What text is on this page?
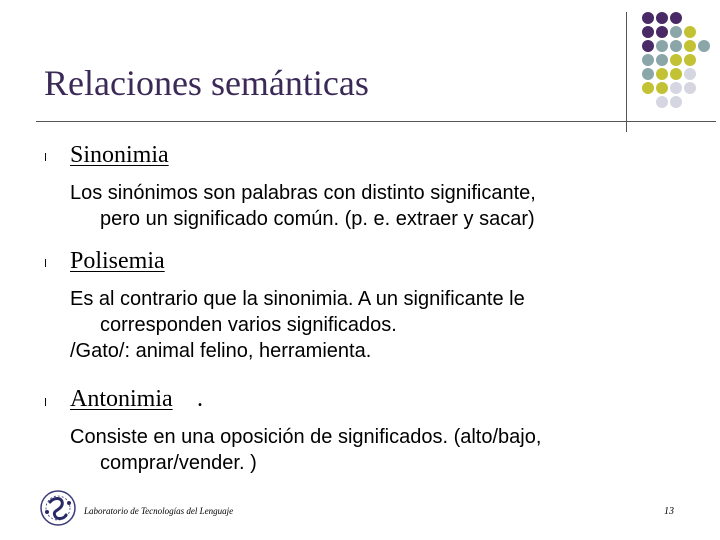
Relaciones semánticas
l Sinonimia
Los sinónimos son palabras con distinto significante,
pero un significado común. (p. e. extraer y sacar)
l Polisemia
Es al contrario que la sinonimia. A un significante le
corresponden varios significados.
/Gato/: animal felino, herramienta.
l Antonimia .
Consiste en una oposición de significados. (alto/bajo,
comprar/vender. )
Laboratorio de Tecnologías del Lenguaje	13
